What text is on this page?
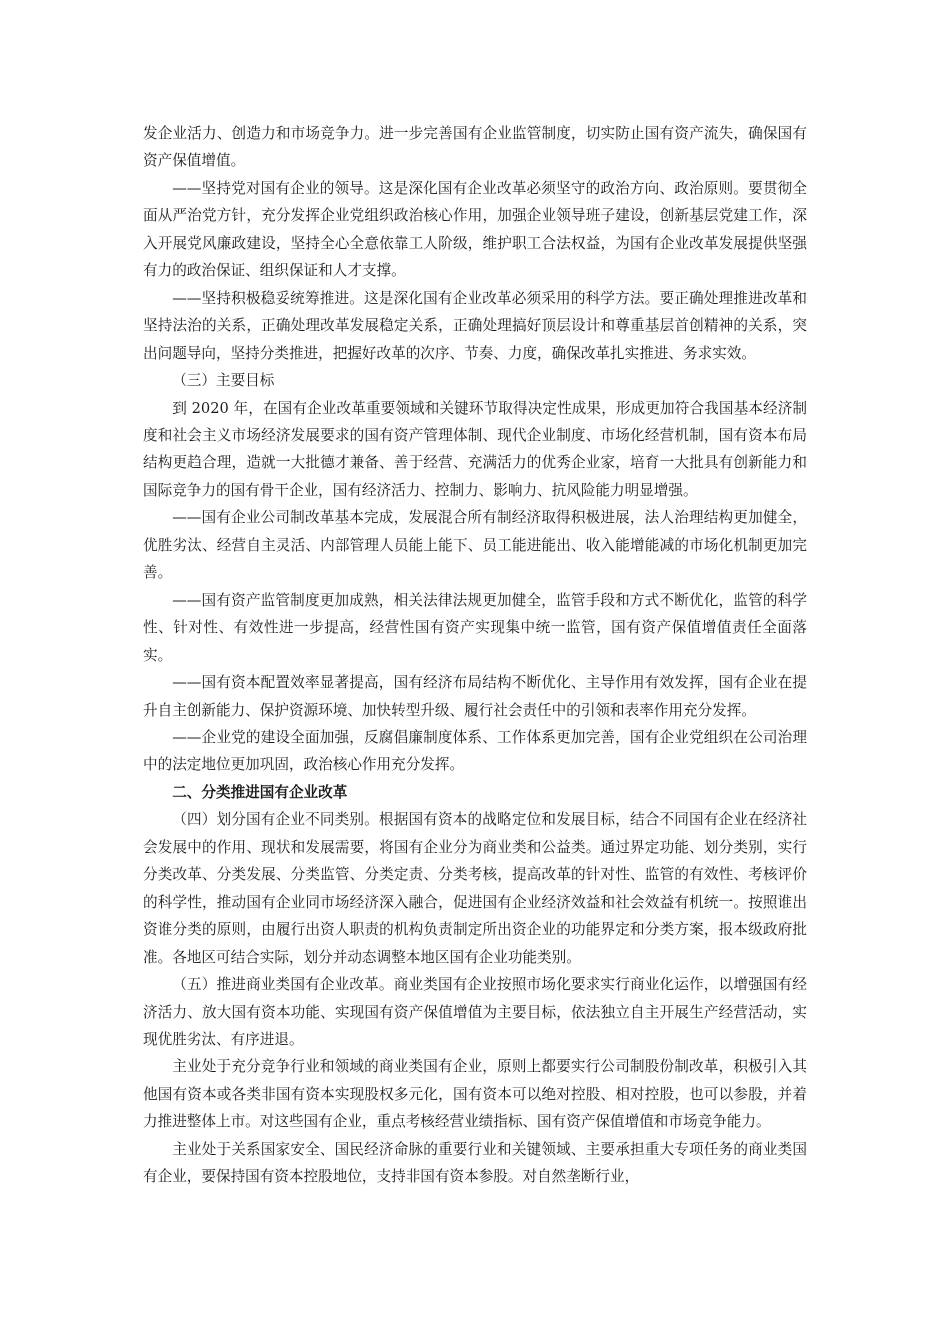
发企业活力、创造力和市场竞争力。进一步完善国有企业监管制度，切实防止国有资产流失，确保国有资产保值增值。

——坚持党对国有企业的领导。这是深化国有企业改革必须坚守的政治方向、政治原则。要贯彻全面从严治党方针，充分发挥企业党组织政治核心作用，加强企业领导班子建设，创新基层党建工作，深入开展党风廉政建设，坚持全心全意依靠工人阶级，维护职工合法权益，为国有企业改革发展提供坚强有力的政治保证、组织保证和人才支撑。

——坚持积极稳妥统筹推进。这是深化国有企业改革必须采用的科学方法。要正确处理推进改革和坚持法治的关系，正确处理改革发展稳定关系，正确处理搞好顶层设计和尊重基层首创精神的关系，突出问题导向，坚持分类推进，把握好改革的次序、节奏、力度，确保改革扎实推进、务求实效。

（三）主要目标

到 2020 年，在国有企业改革重要领域和关键环节取得决定性成果，形成更加符合我国基本经济制度和社会主义市场经济发展要求的国有资产管理体制、现代企业制度、市场化经营机制，国有资本布局结构更趋合理，造就一大批德才兼备、善于经营、充满活力的优秀企业家，培育一大批具有创新能力和国际竞争力的国有骨干企业，国有经济活力、控制力、影响力、抗风险能力明显增强。

——国有企业公司制改革基本完成，发展混合所有制经济取得积极进展，法人治理结构更加健全，优胜劣汰、经营自主灵活、内部管理人员能上能下、员工能进能出、收入能增能减的市场化机制更加完善。

——国有资产监管制度更加成熟，相关法律法规更加健全，监管手段和方式不断优化，监管的科学性、针对性、有效性进一步提高，经营性国有资产实现集中统一监管，国有资产保值增值责任全面落实。

——国有资本配置效率显著提高，国有经济布局结构不断优化、主导作用有效发挥，国有企业在提升自主创新能力、保护资源环境、加快转型升级、履行社会责任中的引领和表率作用充分发挥。

——企业党的建设全面加强，反腐倡廉制度体系、工作体系更加完善，国有企业党组织在公司治理中的法定地位更加巩固，政治核心作用充分发挥。

二、分类推进国有企业改革

（四）划分国有企业不同类别。根据国有资本的战略定位和发展目标，结合不同国有企业在经济社会发展中的作用、现状和发展需要，将国有企业分为商业类和公益类。通过界定功能、划分类别，实行分类改革、分类发展、分类监管、分类定责、分类考核，提高改革的针对性、监管的有效性、考核评价的科学性，推动国有企业同市场经济深入融合，促进国有企业经济效益和社会效益有机统一。按照谁出资谁分类的原则，由履行出资人职责的机构负责制定所出资企业的功能界定和分类方案，报本级政府批准。各地区可结合实际，划分并动态调整本地区国有企业功能类别。

（五）推进商业类国有企业改革。商业类国有企业按照市场化要求实行商业化运作，以增强国有经济活力、放大国有资本功能、实现国有资产保值增值为主要目标，依法独立自主开展生产经营活动，实现优胜劣汰、有序进退。

主业处于充分竞争行业和领域的商业类国有企业，原则上都要实行公司制股份制改革，积极引入其他国有资本或各类非国有资本实现股权多元化，国有资本可以绝对控股、相对控股，也可以参股，并着力推进整体上市。对这些国有企业，重点考核经营业绩指标、国有资产保值增值和市场竞争能力。

主业处于关系国家安全、国民经济命脉的重要行业和关键领域、主要承担重大专项任务的商业类国有企业，要保持国有资本控股地位，支持非国有资本参股。对自然垄断行业，
